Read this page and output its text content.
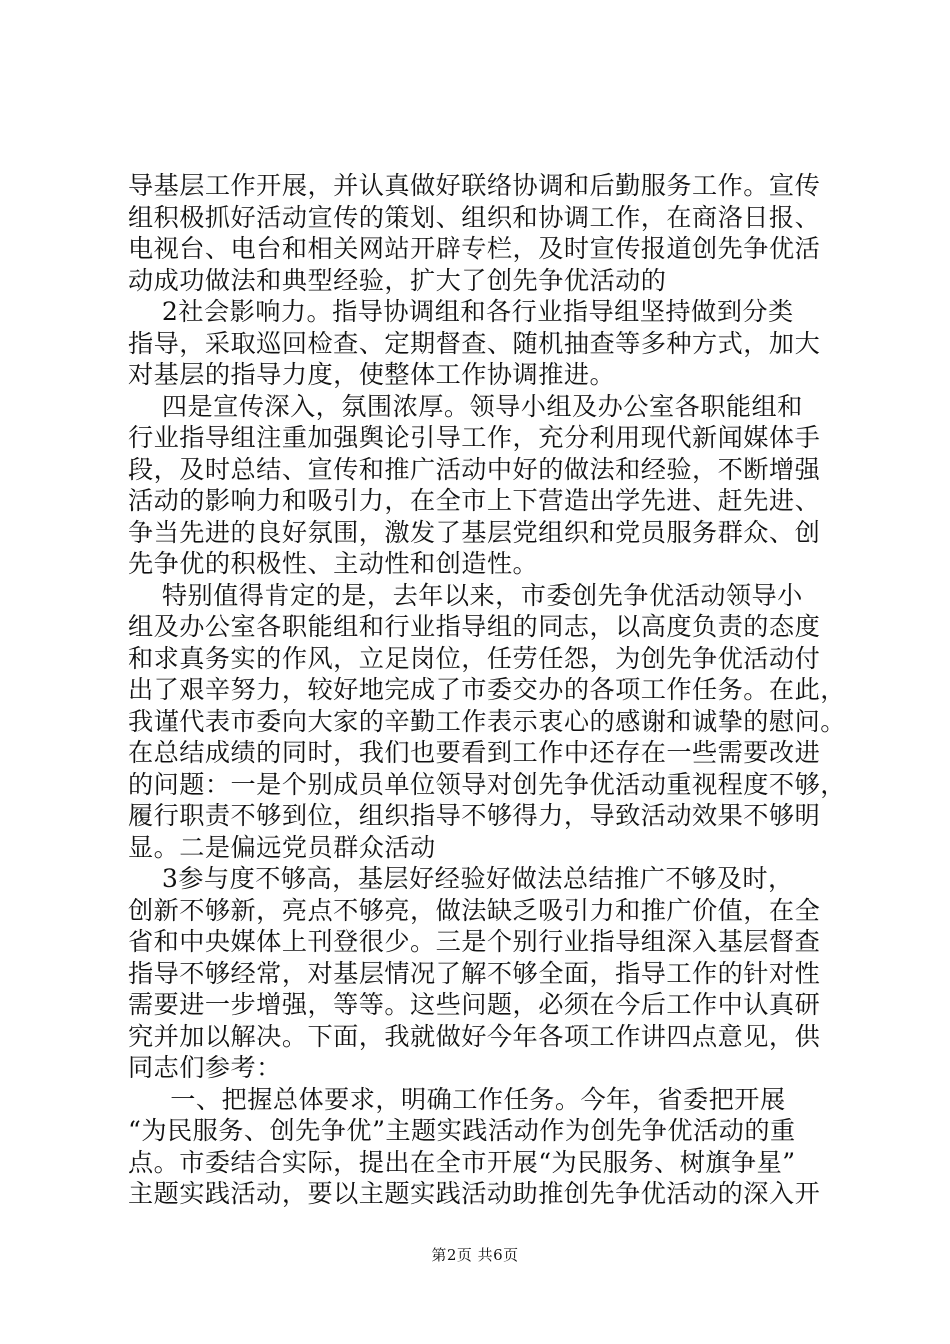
导基层工作开展，并认真做好联络协调和后勤服务工作。宣传
组积极抓好活动宣传的策划、组织和协调工作，在商洛日报、
电视台、电台和相关网站开辟专栏，及时宣传报道创先争优活
动成功做法和典型经验，扩大了创先争优活动的
2社会影响力。指导协调组和各行业指导组坚持做到分类
指导，采取巡回检查、定期督查、随机抽查等多种方式，加大
对基层的指导力度，使整体工作协调推进。
四是宣传深入，氛围浓厚。领导小组及办公室各职能组和
行业指导组注重加强舆论引导工作，充分利用现代新闻媒体手
段，及时总结、宣传和推广活动中好的做法和经验，不断增强
活动的影响力和吸引力，在全市上下营造出学先进、赶先进、
争当先进的良好氛围，激发了基层党组织和党员服务群众、创
先争优的积极性、主动性和创造性。
特别值得肯定的是，去年以来，市委创先争优活动领导小
组及办公室各职能组和行业指导组的同志，以高度负责的态度
和求真务实的作风，立足岗位，任劳任怨，为创先争优活动付
出了艰辛努力，较好地完成了市委交办的各项工作任务。在此，
我谨代表市委向大家的辛勤工作表示衷心的感谢和诚挚的慰问。
在总结成绩的同时，我们也要看到工作中还存在一些需要改进
的问题：一是个别成员单位领导对创先争优活动重视程度不够，
履行职责不够到位，组织指导不够得力，导致活动效果不够明
显。二是偏远党员群众活动
3参与度不够高，基层好经验好做法总结推广不够及时，
创新不够新，亮点不够亮，做法缺乏吸引力和推广价值，在全
省和中央媒体上刊登很少。三是个别行业指导组深入基层督查
指导不够经常，对基层情况了解不够全面，指导工作的针对性
需要进一步增强，等等。这些问题，必须在今后工作中认真研
究并加以解决。下面，我就做好今年各项工作讲四点意见，供
同志们参考：
一、把握总体要求，明确工作任务。今年，省委把开展
“为民服务、创先争优”主题实践活动作为创先争优活动的重
点。市委结合实际，提出在全市开展“为民服务、树旗争星”
主题实践活动，要以主题实践活动助推创先争优活动的深入开
第2页 共6页
